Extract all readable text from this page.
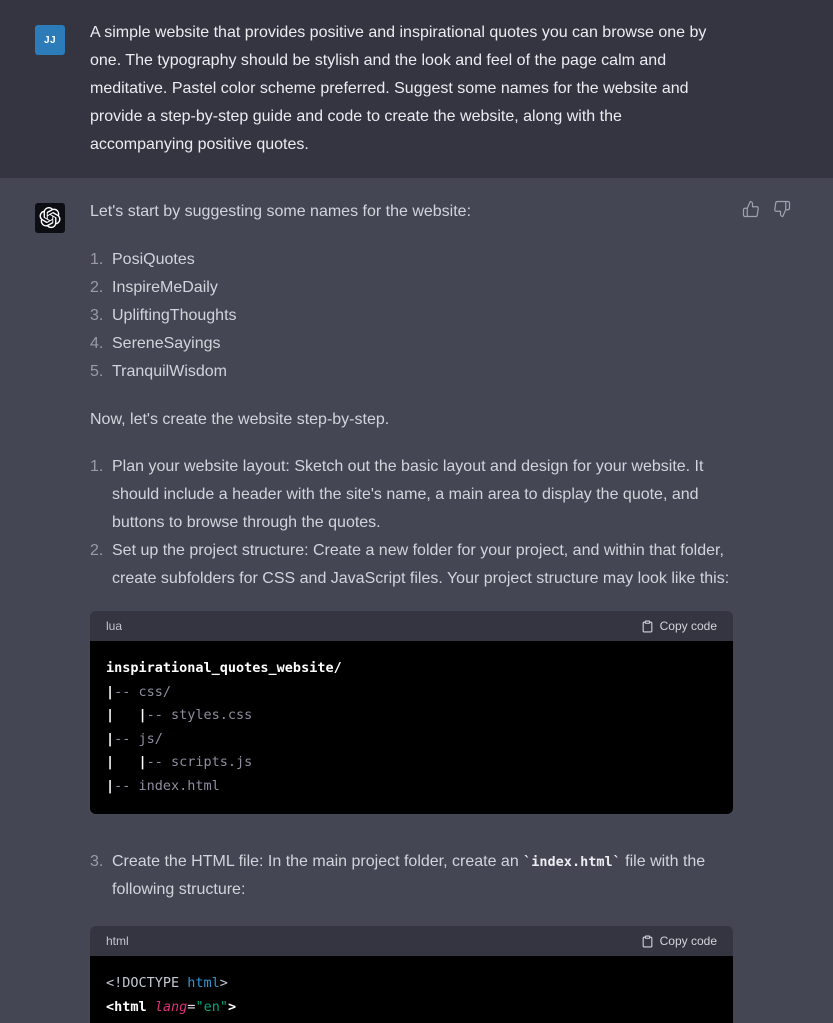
JJ A simple website that provides positive and inspirational quotes you can browse one by
one. The typography should be stylish and the look and feel of the page calm and
meditative. Pastel color scheme preferred. Suggest some names for the website and
provide a step-by-step guide and code to create the website, along with the
accompanying positive quotes.

Let's start by suggesting some names for the website:

1. PosiQuotes
2. InspireMeDaily
3. UpliftingThoughts
4. SereneSayings
5. TranquilWisdom

Now, let's create the website step-by-step.

1. Plan your website layout: Sketch out the basic layout and design for your website. It
should include a header with the site's name, a main area to display the quote, and
buttons to browse through the quotes.
2. Set up the project structure: Create a new folder for your project, and within that folder,
create subfolders for CSS and JavaScript files. Your project structure may look like this:
lua	Copy code
inspirational_quotes_website/
|-- css/
|   |-- styles.css
|-- js/
|   |-- scripts.js
|-- index.html
3. Create the HTML file: In the main project folder, create an `index.html` file with the
following structure:
html	Copy code
<!DOCTYPE html>
<html lang="en">
